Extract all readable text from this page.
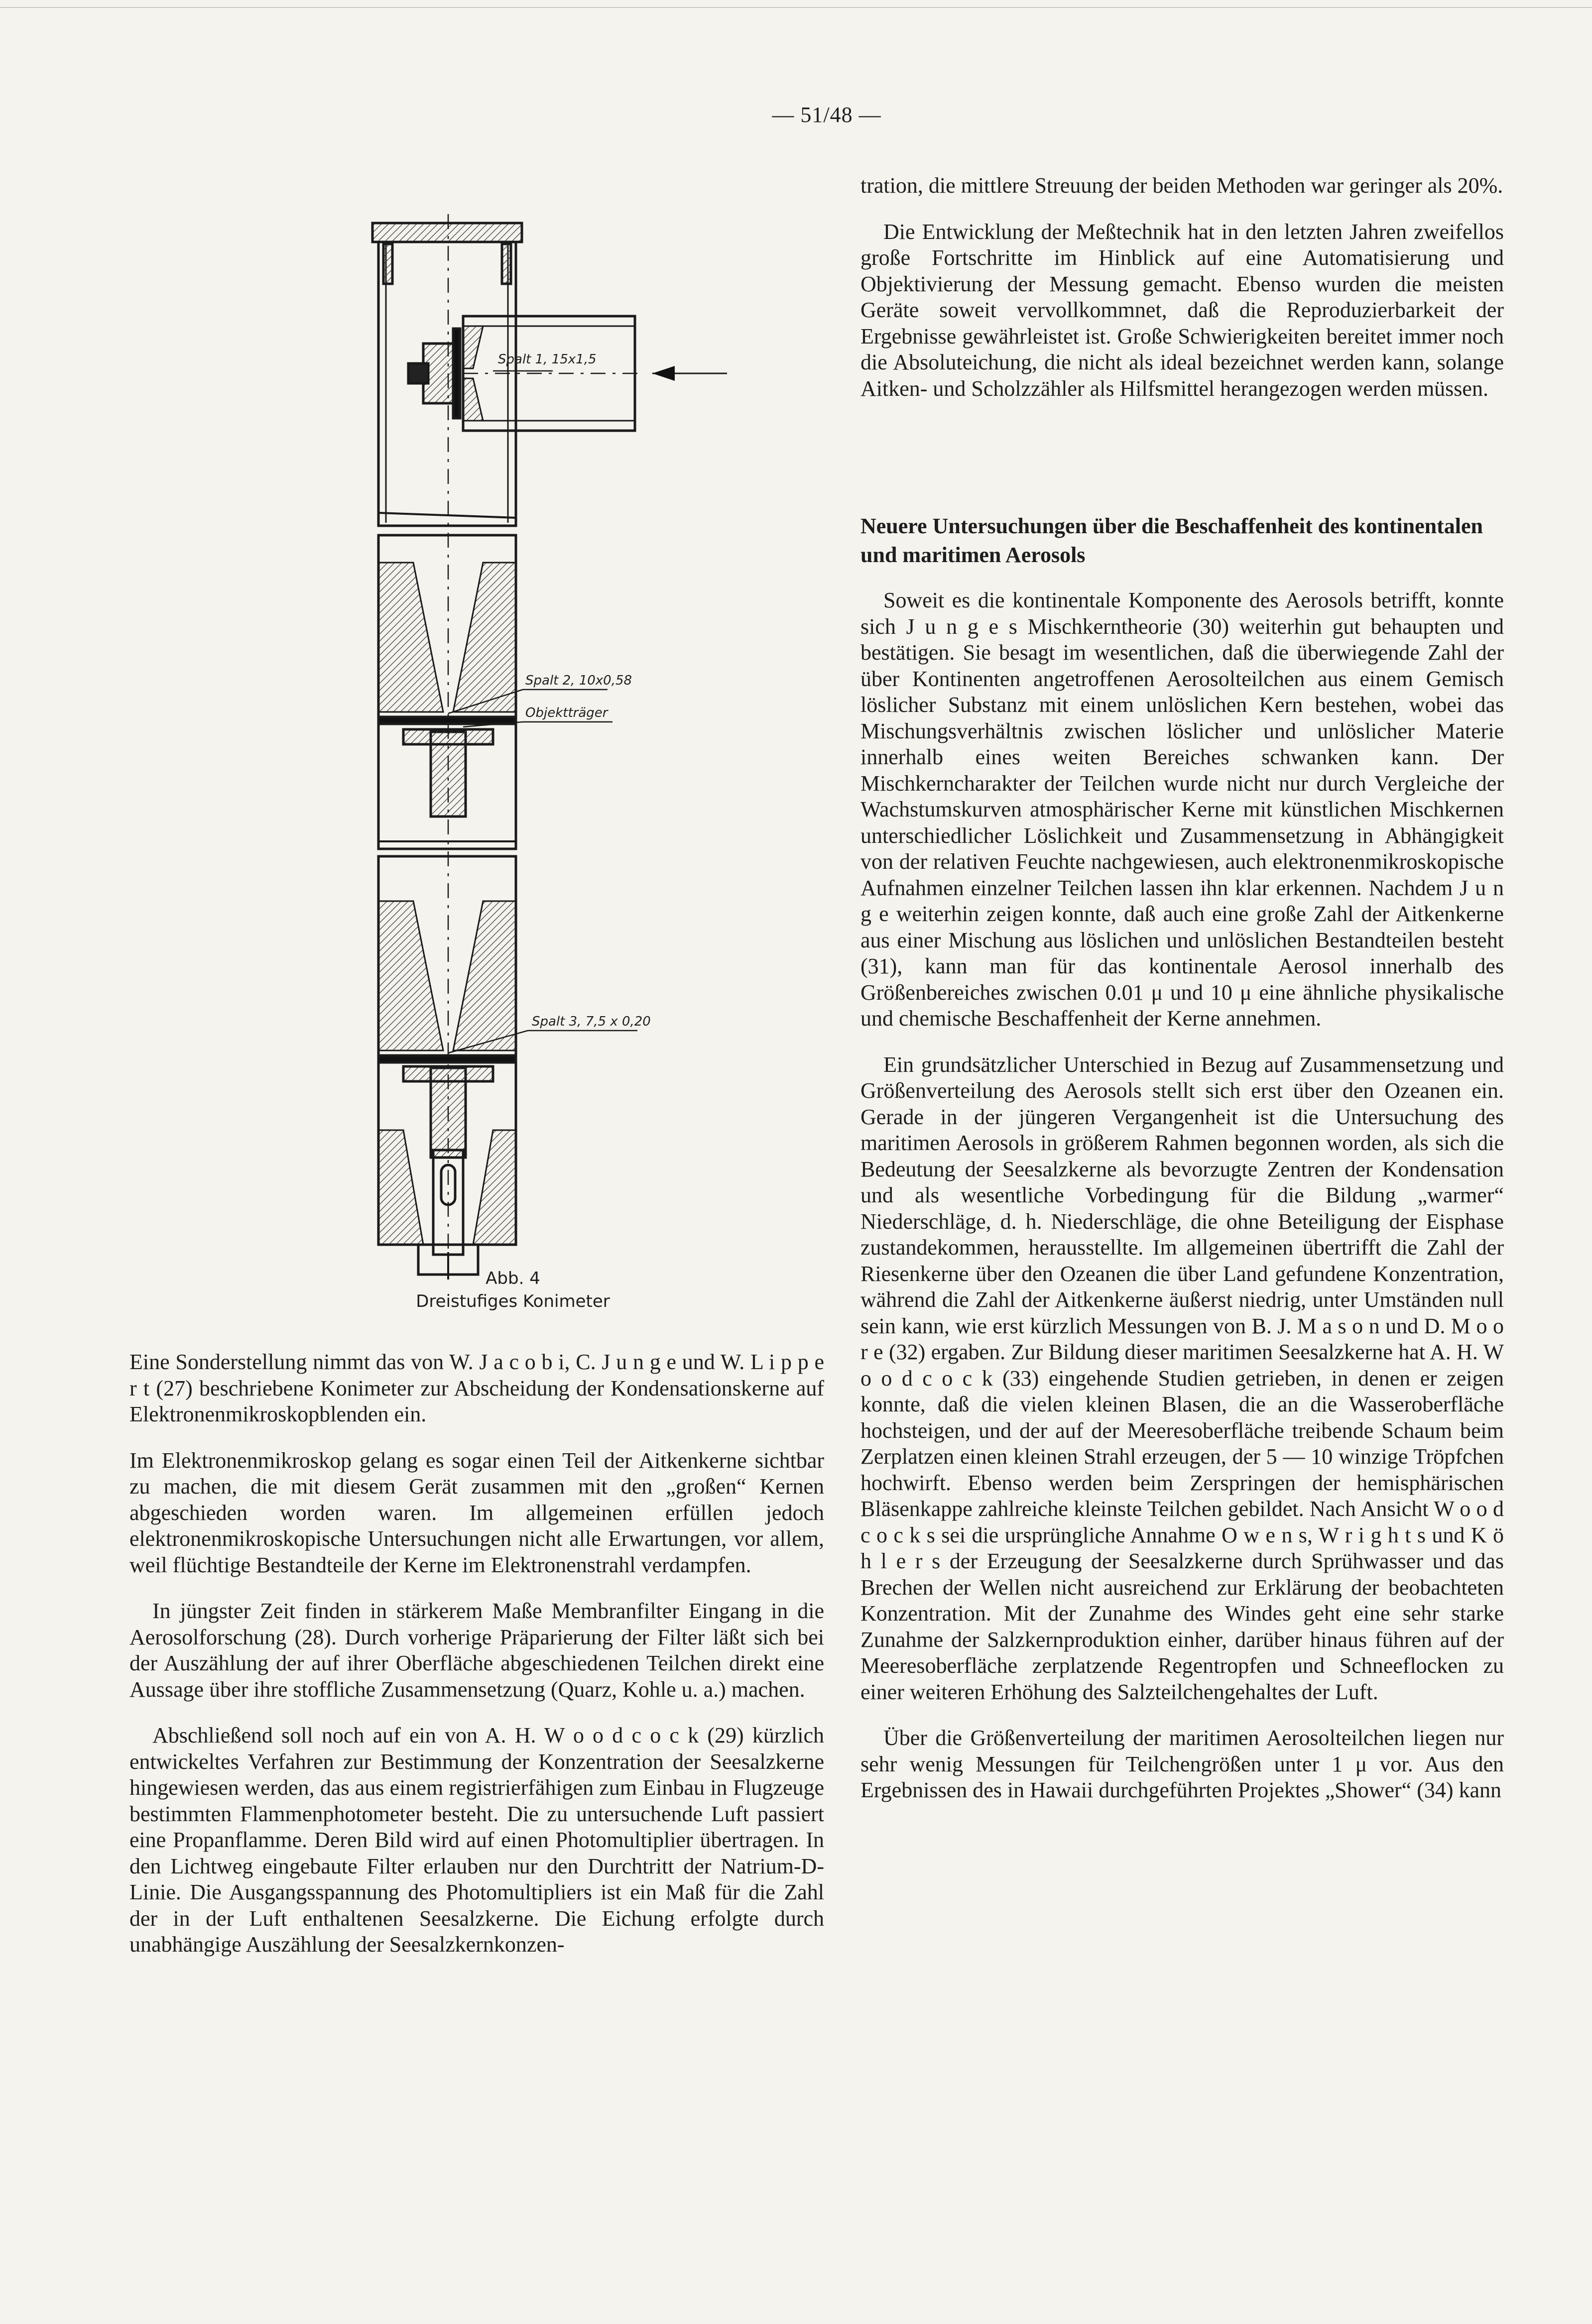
— 51/48 —
Spalt 1, 15x1,5
Spalt 2, 10x0,58
Objektträger
Spalt 3, 7,5 x 0,20
Abb. 4
Dreistufiges Konimeter

Eine Sonderstellung nimmt das von W. J a c o b i, C. J u n g e und W. L i p p e r t (27) beschriebene Konimeter zur Abscheidung der Kondensationskerne auf Elektronenmikroskopblenden ein.

Im Elektronenmikroskop gelang es sogar einen Teil der Aitkenkerne sichtbar zu machen, die mit diesem Gerät zusammen mit den „großen“ Kernen abgeschieden worden waren. Im allgemeinen erfüllen jedoch elektronenmikroskopische Untersuchungen nicht alle Erwartungen, vor allem, weil flüchtige Bestandteile der Kerne im Elektronenstrahl verdampfen.

In jüngster Zeit finden in stärkerem Maße Membranfilter Eingang in die Aerosolforschung (28). Durch vorherige Präparierung der Filter läßt sich bei der Auszählung der auf ihrer Oberfläche abgeschiedenen Teilchen direkt eine Aussage über ihre stoffliche Zusammensetzung (Quarz, Kohle u. a.) machen.

Abschließend soll noch auf ein von A. H. W o o d c o c k (29) kürzlich entwickeltes Verfahren zur Bestimmung der Konzentration der Seesalzkerne hingewiesen werden, das aus einem registrierfähigen zum Einbau in Flugzeuge bestimmten Flammenphotometer besteht. Die zu untersuchende Luft passiert eine Propanflamme. Deren Bild wird auf einen Photomultiplier übertragen. In den Lichtweg eingebaute Filter erlauben nur den Durchtritt der Natrium-D-Linie. Die Ausgangsspannung des Photomultipliers ist ein Maß für die Zahl der in der Luft enthaltenen Seesalzkerne. Die Eichung erfolgte durch unabhängige Auszählung der Seesalzkernkonzen-

tration, die mittlere Streuung der beiden Methoden war geringer als 20%.

Die Entwicklung der Meßtechnik hat in den letzten Jahren zweifellos große Fortschritte im Hinblick auf eine Automatisierung und Objektivierung der Messung gemacht. Ebenso wurden die meisten Geräte soweit vervollkommnet, daß die Reproduzierbarkeit der Ergebnisse gewährleistet ist. Große Schwierigkeiten bereitet immer noch die Absoluteichung, die nicht als ideal bezeichnet werden kann, solange Aitken- und Scholzzähler als Hilfsmittel herangezogen werden müssen.

Neuere Untersuchungen über die Beschaffenheit des kontinentalen und maritimen Aerosols

Soweit es die kontinentale Komponente des Aerosols betrifft, konnte sich J u n g e s Mischkerntheorie (30) weiterhin gut behaupten und bestätigen. Sie besagt im wesentlichen, daß die überwiegende Zahl der über Kontinenten angetroffenen Aerosolteilchen aus einem Gemisch löslicher Substanz mit einem unlöslichen Kern bestehen, wobei das Mischungsverhältnis zwischen löslicher und unlöslicher Materie innerhalb eines weiten Bereiches schwanken kann. Der Mischkerncharakter der Teilchen wurde nicht nur durch Vergleiche der Wachstumskurven atmosphärischer Kerne mit künstlichen Mischkernen unterschiedlicher Löslichkeit und Zusammensetzung in Abhängigkeit von der relativen Feuchte nachgewiesen, auch elektronenmikroskopische Aufnahmen einzelner Teilchen lassen ihn klar erkennen. Nachdem J u n g e weiterhin zeigen konnte, daß auch eine große Zahl der Aitkenkerne aus einer Mischung aus löslichen und unlöslichen Bestandteilen besteht (31), kann man für das kontinentale Aerosol innerhalb des Größenbereiches zwischen 0.01 μ und 10 μ eine ähnliche physikalische und chemische Beschaffenheit der Kerne annehmen.

Ein grundsätzlicher Unterschied in Bezug auf Zusammensetzung und Größenverteilung des Aerosols stellt sich erst über den Ozeanen ein. Gerade in der jüngeren Vergangenheit ist die Untersuchung des maritimen Aerosols in größerem Rahmen begonnen worden, als sich die Bedeutung der Seesalzkerne als bevorzugte Zentren der Kondensation und als wesentliche Vorbedingung für die Bildung „warmer“ Niederschläge, d. h. Niederschläge, die ohne Beteiligung der Eisphase zustandekommen, herausstellte. Im allgemeinen übertrifft die Zahl der Riesenkerne über den Ozeanen die über Land gefundene Konzentration, während die Zahl der Aitkenkerne äußerst niedrig, unter Umständen null sein kann, wie erst kürzlich Messungen von B. J. M a s o n und D. M o o r e (32) ergaben. Zur Bildung dieser maritimen Seesalzkerne hat A. H. W o o d c o c k (33) eingehende Studien getrieben, in denen er zeigen konnte, daß die vielen kleinen Blasen, die an die Wasseroberfläche hochsteigen, und der auf der Meeresoberfläche treibende Schaum beim Zerplatzen einen kleinen Strahl erzeugen, der 5 — 10 winzige Tröpfchen hochwirft. Ebenso werden beim Zerspringen der hemisphärischen Bläsenkappe zahlreiche kleinste Teilchen gebildet. Nach Ansicht W o o d c o c k s sei die ursprüngliche Annahme O w e n s, W r i g h t s und K ö h l e r s der Erzeugung der Seesalzkerne durch Sprühwasser und das Brechen der Wellen nicht ausreichend zur Erklärung der beobachteten Konzentration. Mit der Zunahme des Windes geht eine sehr starke Zunahme der Salzkernproduktion einher, darüber hinaus führen auf der Meeresoberfläche zerplatzende Regentropfen und Schneeflocken zu einer weiteren Erhöhung des Salzteilchengehaltes der Luft.

Über die Größenverteilung der maritimen Aerosolteilchen liegen nur sehr wenig Messungen für Teilchengrößen unter 1 μ vor. Aus den Ergebnissen des in Hawaii durchgeführten Projektes „Shower“ (34) kann
